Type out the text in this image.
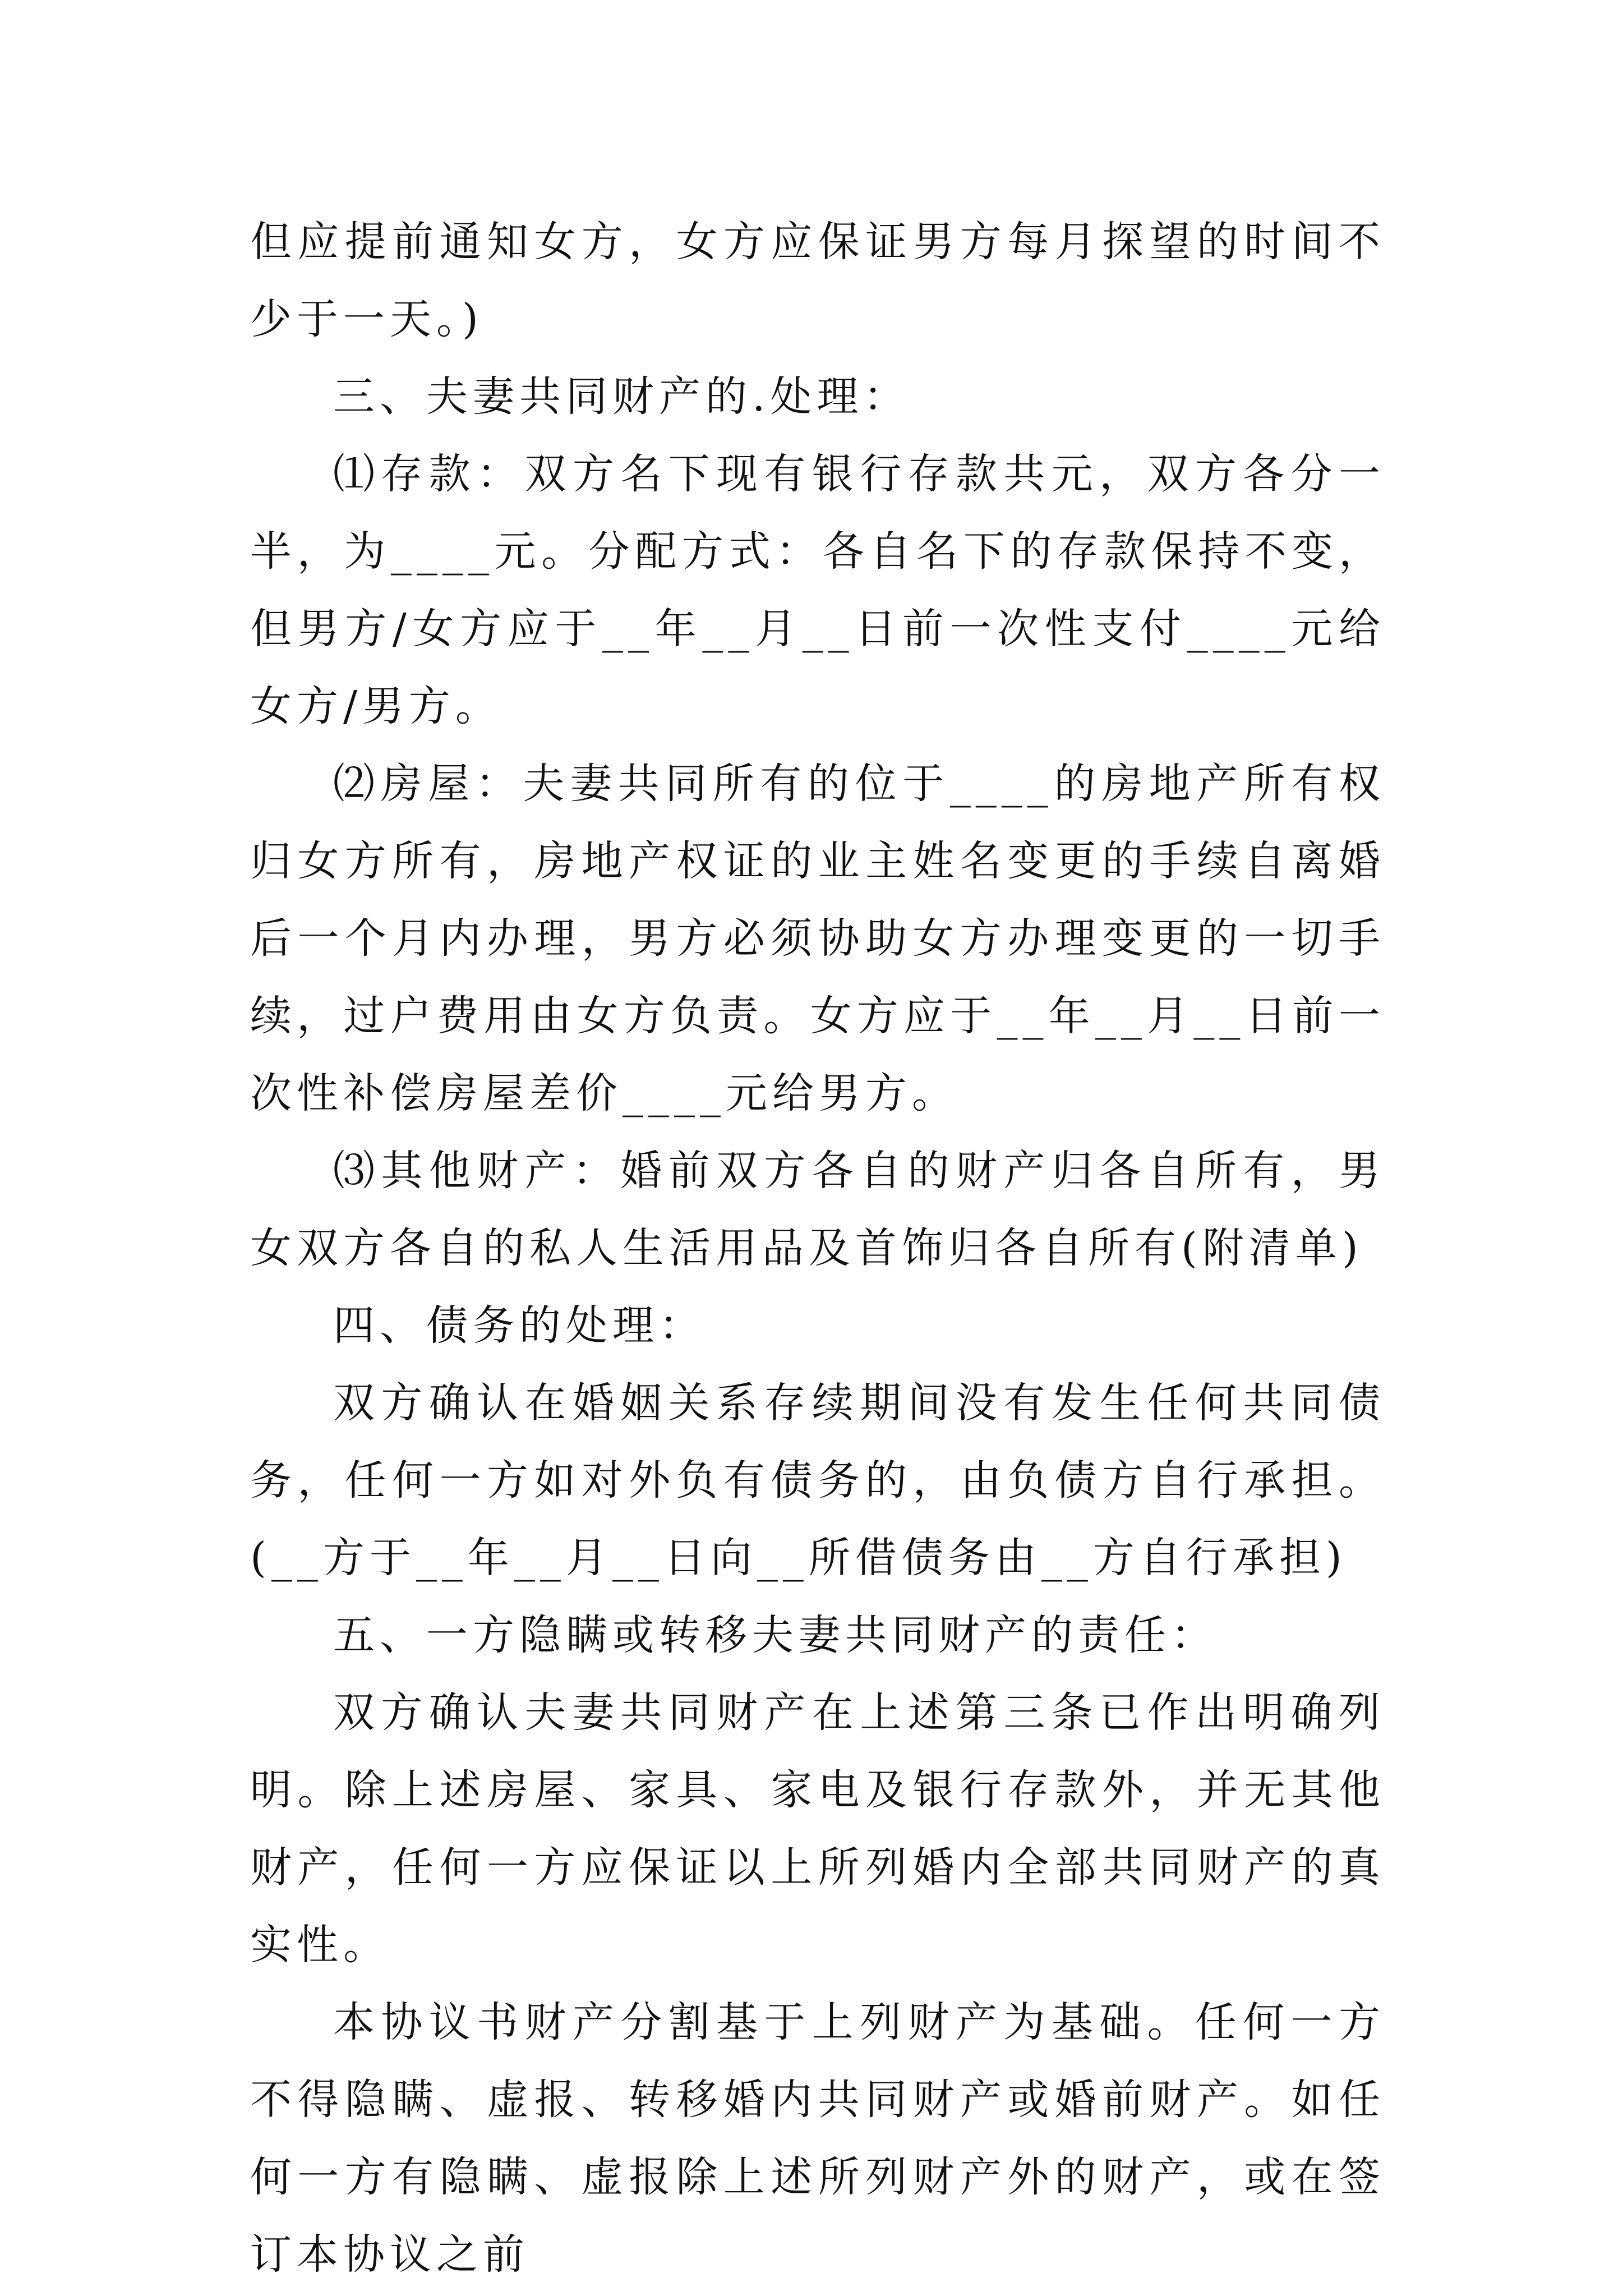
但应提前通知女方，女方应保证男方每月探望的时间不少于一天。)

三、夫妻共同财产的.处理：

⑴存款：双方名下现有银行存款共元，双方各分一半，为____元。分配方式：各自名下的存款保持不变，但男方/女方应于__年__月__日前一次性支付____元给女方/男方。

⑵房屋：夫妻共同所有的位于____的房地产所有权归女方所有，房地产权证的业主姓名变更的手续自离婚后一个月内办理，男方必须协助女方办理变更的一切手续，过户费用由女方负责。女方应于__年__月__日前一次性补偿房屋差价____元给男方。

⑶其他财产：婚前双方各自的财产归各自所有，男女双方各自的私人生活用品及首饰归各自所有(附清单)

四、债务的处理：

双方确认在婚姻关系存续期间没有发生任何共同债务，任何一方如对外负有债务的，由负债方自行承担。(__方于__年__月__日向__所借债务由__方自行承担)

五、一方隐瞒或转移夫妻共同财产的责任：

双方确认夫妻共同财产在上述第三条已作出明确列明。除上述房屋、家具、家电及银行存款外，并无其他财产，任何一方应保证以上所列婚内全部共同财产的真实性。

本协议书财产分割基于上列财产为基础。任何一方不得隐瞒、虚报、转移婚内共同财产或婚前财产。如任何一方有隐瞒、虚报除上述所列财产外的财产，或在签订本协议之前
